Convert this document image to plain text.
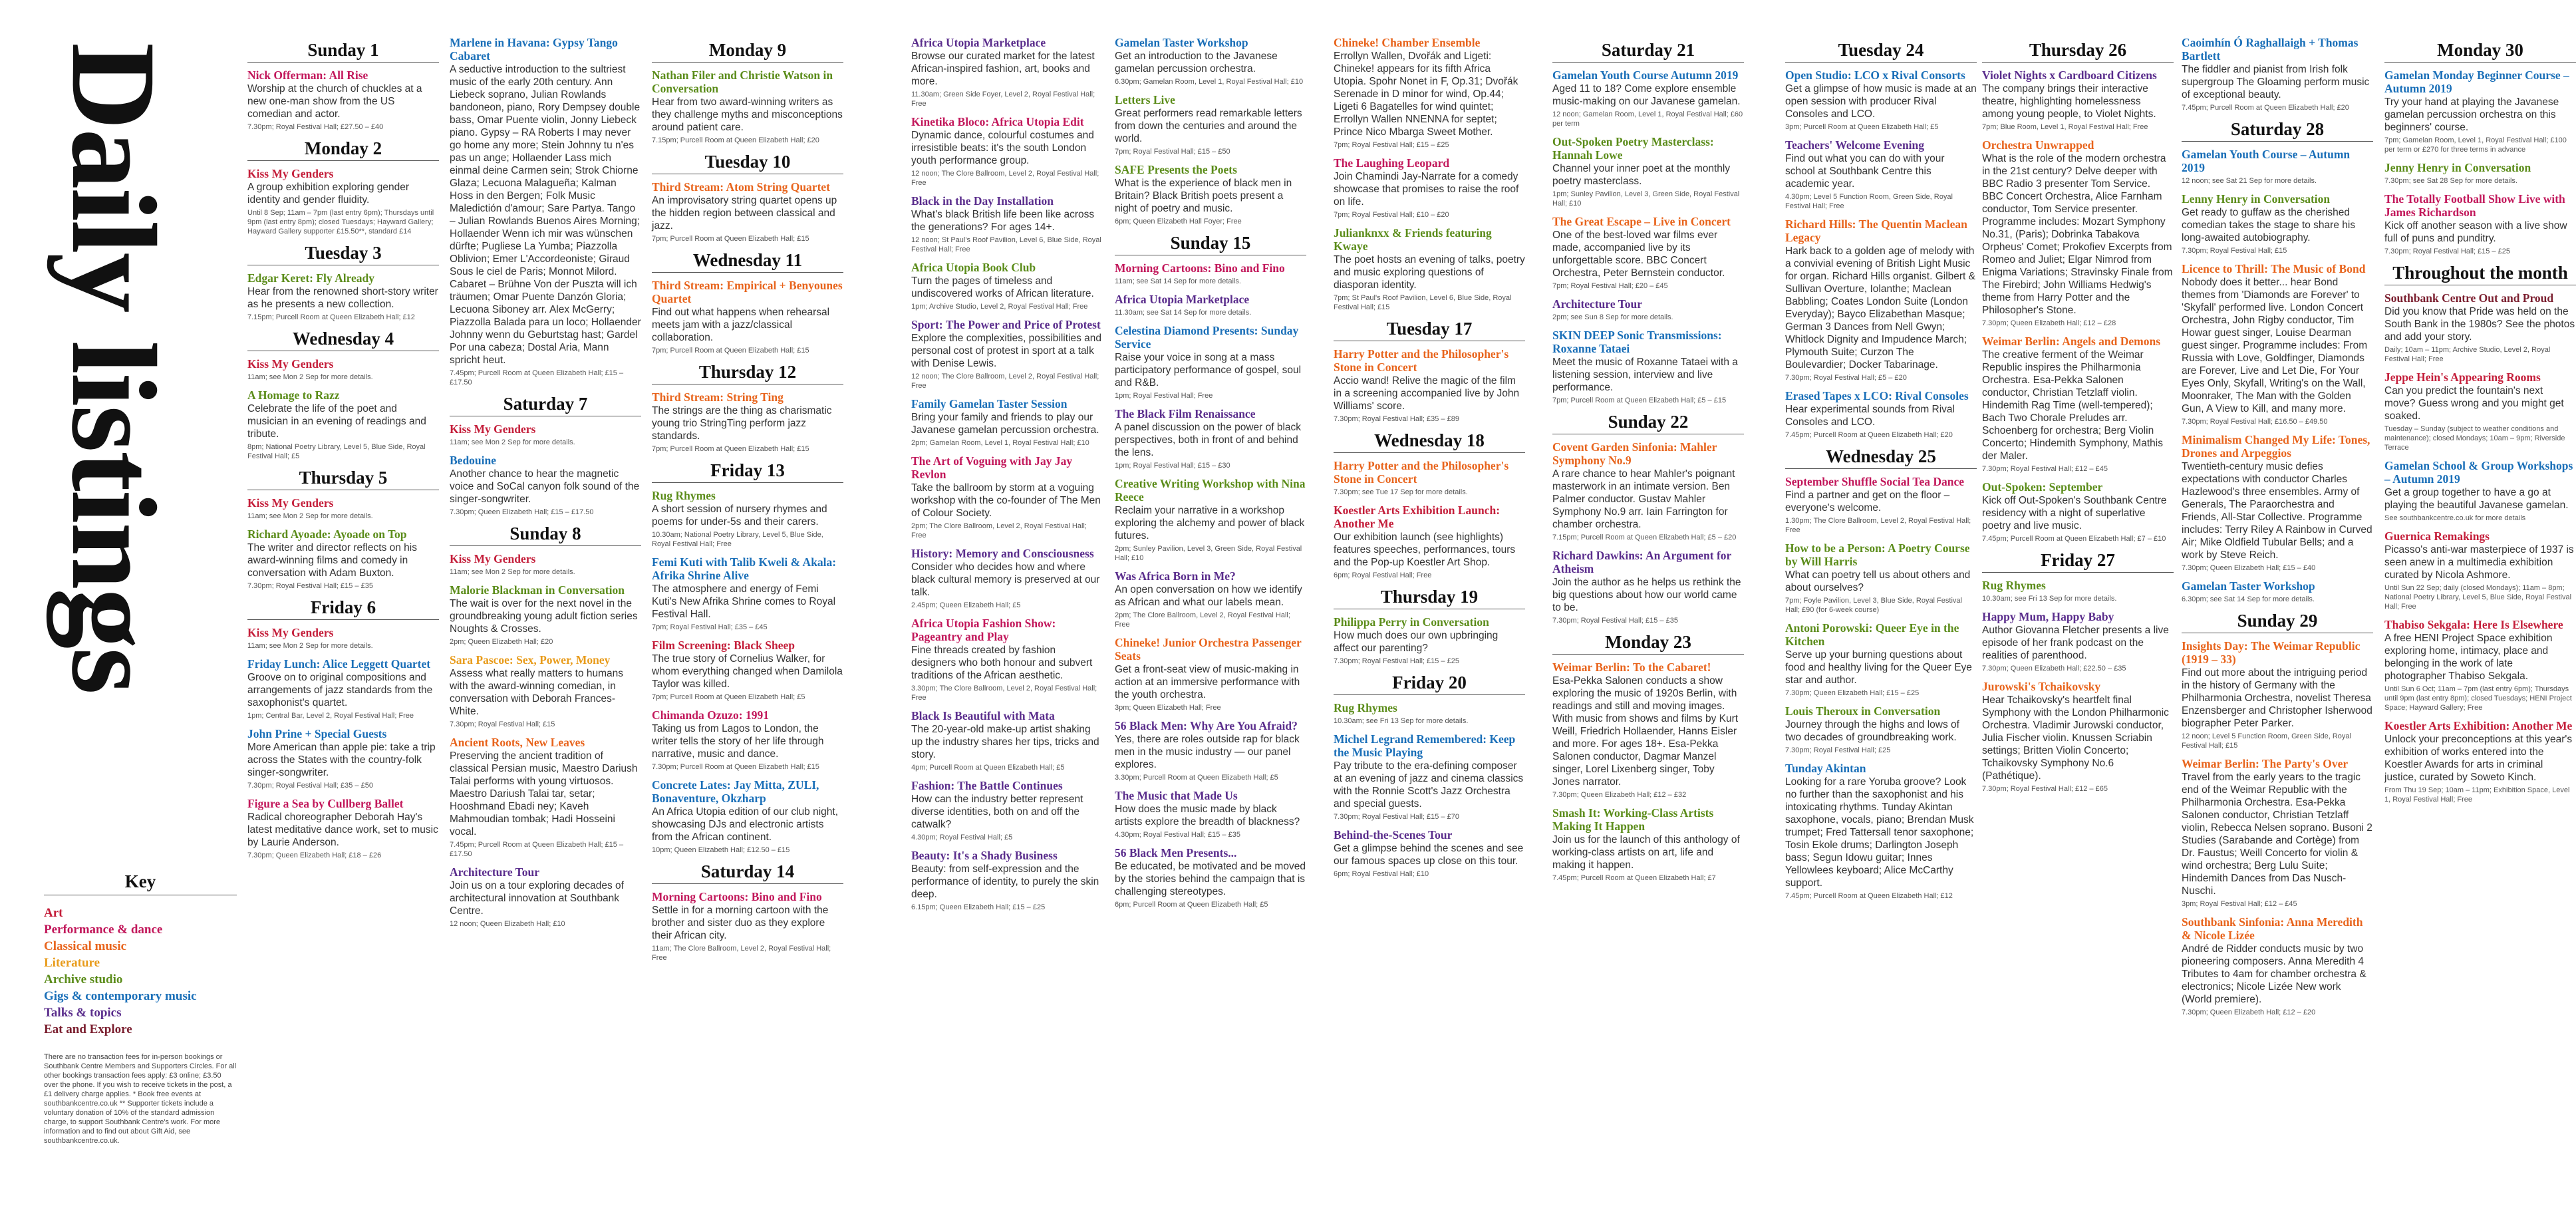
Daily listings
Key
Art
Performance & dance
Classical music
Literature
Archive studio
Gigs & contemporary music
Talks & topics
Eat and Explore
There are no transaction fees for in-person bookings or Southbank Centre Members and Supporters Circles. For all other bookings transaction fees apply: £3 online; £3.50 over the phone. If you wish to receive tickets in the post, a £1 delivery charge applies. * Book free events at southbankcentre.co.uk ** Supporter tickets include a voluntary donation of 10% of the standard admission charge, to support Southbank Centre's work. For more information and to find out about Gift Aid, see southbankcentre.co.uk.
Sunday 1
Nick Offerman: All Rise
Worship at the church of chuckles at a new one-man show from the US comedian and actor.
7.30pm; Royal Festival Hall; £27.50 – £40
Monday 2
Kiss My Genders
A group exhibition exploring gender identity and gender fluidity.
Until 8 Sep; 11am – 7pm (last entry 6pm); Thursdays until 9pm (last entry 8pm); closed Tuesdays; Hayward Gallery; Hayward Gallery supporter £15.50**, standard £14
Tuesday 3
Edgar Keret: Fly Already
Hear from the renowned short-story writer as he presents a new collection.
7.15pm; Purcell Room at Queen Elizabeth Hall; £12
Wednesday 4
Kiss My Genders
11am; see Mon 2 Sep for more details.
A Homage to Razz
Celebrate the life of the poet and musician in an evening of readings and tribute.
8pm; National Poetry Library, Level 5, Blue Side, Royal Festival Hall; £5
Thursday 5
Kiss My Genders
11am; see Mon 2 Sep for more details.
Richard Ayoade: Ayoade on Top
The writer and director reflects on his award-winning films and comedy in conversation with Adam Buxton.
7.30pm; Royal Festival Hall; £15 – £35
Friday 6
Kiss My Genders
11am; see Mon 2 Sep for more details.
Friday Lunch: Alice Leggett Quartet
Groove on to original compositions and arrangements of jazz standards from the saxophonist's quartet.
1pm; Central Bar, Level 2, Royal Festival Hall; Free
John Prine + Special Guests
More American than apple pie: take a trip across the States with the country-folk singer-songwriter.
7.30pm; Royal Festival Hall; £35 – £50
Figure a Sea by Cullberg Ballet
Radical choreographer Deborah Hay's latest meditative dance work, set to music by Laurie Anderson.
7.30pm; Queen Elizabeth Hall; £18 – £26
Marlene in Havana: Gypsy Tango Cabaret
A seductive introduction to the sultriest music of the early 20th century. Ann Liebeck soprano, Julian Rowlands bandoneon, piano, Rory Dempsey double bass, Omar Puente violin, Jonny Liebeck piano. Gypsy – RA Roberts I may never go home any more; Stein Johnny tu n'es pas un ange; Hollaender Lass mich einmal deine Carmen sein; Strok Chiorne Glaza; Lecuona Malagueña; Kalman Hoss in den Bergen; Folk Music Maledictión d'amour; Sare Partya. Tango – Julian Rowlands Buenos Aires Morning; Hollaender Wenn ich mir was wünschen dürfte; Pugliese La Yumba; Piazzolla Oblivion; Emer L'Accordeoniste; Giraud Sous le ciel de Paris; Monnot Milord. Cabaret – Brühne Von der Puszta will ich träumen; Omar Puente Danzón Gloria; Lecuona Siboney arr. Alex McGerry; Piazzolla Balada para un loco; Hollaender Johnny wenn du Geburtstag hast; Gardel Por una cabeza; Dostal Aria, Mann spricht heut.
7.45pm; Purcell Room at Queen Elizabeth Hall; £15 – £17.50
Saturday 7
Kiss My Genders
11am; see Mon 2 Sep for more details.
Bedouine
Another chance to hear the magnetic voice and SoCal canyon folk sound of the singer-songwriter.
7.30pm; Queen Elizabeth Hall; £15 – £17.50
Sunday 8
Kiss My Genders
11am; see Mon 2 Sep for more details.
Malorie Blackman in Conversation
The wait is over for the next novel in the groundbreaking young adult fiction series Noughts & Crosses.
2pm; Queen Elizabeth Hall; £20
Sara Pascoe: Sex, Power, Money
Assess what really matters to humans with the award-winning comedian, in conversation with Deborah Frances-White.
7.30pm; Royal Festival Hall; £15
Ancient Roots, New Leaves
Preserving the ancient tradition of classical Persian music, Maestro Dariush Talai performs with young virtuosos. Maestro Dariush Talai tar, setar; Hooshmand Ebadi ney; Kaveh Mahmoudian tombak; Hadi Hosseini vocal.
7.45pm; Purcell Room at Queen Elizabeth Hall; £15 – £17.50
Architecture Tour
Join us on a tour exploring decades of architectural innovation at Southbank Centre.
12 noon; Queen Elizabeth Hall; £10
Monday 9
Nathan Filer and Christie Watson in Conversation
Hear from two award-winning writers as they challenge myths and misconceptions around patient care.
7.15pm; Purcell Room at Queen Elizabeth Hall; £20
Tuesday 10
Third Stream: Atom String Quartet
An improvisatory string quartet opens up the hidden region between classical and jazz.
7pm; Purcell Room at Queen Elizabeth Hall; £15
Wednesday 11
Third Stream: Empirical + Benyounes Quartet
Find out what happens when rehearsal meets jam with a jazz/classical collaboration.
7pm; Purcell Room at Queen Elizabeth Hall; £15
Thursday 12
Third Stream: String Ting
The strings are the thing as charismatic young trio StringTing perform jazz standards.
7pm; Purcell Room at Queen Elizabeth Hall; £15
Friday 13
Rug Rhymes
A short session of nursery rhymes and poems for under-5s and their carers.
10.30am; National Poetry Library, Level 5, Blue Side, Royal Festival Hall; Free
Femi Kuti with Talib Kweli & Akala: Afrika Shrine Alive
The atmosphere and energy of Femi Kuti's New Afrika Shrine comes to Royal Festival Hall.
7pm; Royal Festival Hall; £35 – £45
Film Screening: Black Sheep
The true story of Cornelius Walker, for whom everything changed when Damilola Taylor was killed.
7pm; Purcell Room at Queen Elizabeth Hall; £5
Chimanda Ozuzo: 1991
Taking us from Lagos to London, the writer tells the story of her life through narrative, music and dance.
7.30pm; Purcell Room at Queen Elizabeth Hall; £15
Concrete Lates: Jay Mitta, ZULI, Bonaventure, Okzharp
An Africa Utopia edition of our club night, showcasing DJs and electronic artists from the African continent.
10pm; Queen Elizabeth Hall; £12.50 – £15
Saturday 14
Morning Cartoons: Bino and Fino
Settle in for a morning cartoon with the brother and sister duo as they explore their African city.
11am; The Clore Ballroom, Level 2, Royal Festival Hall; Free
Africa Utopia Marketplace
Browse our curated market for the latest African-inspired fashion, art, books and more.
11.30am; Green Side Foyer, Level 2, Royal Festival Hall; Free
Kinetika Bloco: Africa Utopia Edit
Dynamic dance, colourful costumes and irresistible beats: it's the south London youth performance group.
12 noon; The Clore Ballroom, Level 2, Royal Festival Hall; Free
Black in the Day Installation
What's black British life been like across the generations? For ages 14+.
12 noon; St Paul's Roof Pavilion, Level 6, Blue Side, Royal Festival Hall; Free
Africa Utopia Book Club
Turn the pages of timeless and undiscovered works of African literature.
1pm; Archive Studio, Level 2, Royal Festival Hall; Free
Sport: The Power and Price of Protest
Explore the complexities, possibilities and personal cost of protest in sport at a talk with Denise Lewis.
12 noon; The Clore Ballroom, Level 2, Royal Festival Hall; Free
Family Gamelan Taster Session
Bring your family and friends to play our Javanese gamelan percussion orchestra.
2pm; Gamelan Room, Level 1, Royal Festival Hall; £10
The Art of Voguing with Jay Jay Revlon
Take the ballroom by storm at a voguing workshop with the co-founder of The Men of Colour Society.
2pm; The Clore Ballroom, Level 2, Royal Festival Hall; Free
History: Memory and Consciousness
Consider who decides how and where black cultural memory is preserved at our talk.
2.45pm; Queen Elizabeth Hall; £5
Africa Utopia Fashion Show: Pageantry and Play
Fine threads created by fashion designers who both honour and subvert traditions of the African aesthetic.
3.30pm; The Clore Ballroom, Level 2, Royal Festival Hall; Free
Black Is Beautiful with Mata
The 20-year-old make-up artist shaking up the industry shares her tips, tricks and story.
4pm; Purcell Room at Queen Elizabeth Hall; £5
Fashion: The Battle Continues
How can the industry better represent diverse identities, both on and off the catwalk?
4.30pm; Royal Festival Hall; £5
Beauty: It's a Shady Business
Beauty: from self-expression and the performance of identity, to purely the skin deep.
6.15pm; Queen Elizabeth Hall; £15 – £25
Gamelan Taster Workshop
Get an introduction to the Javanese gamelan percussion orchestra.
6.30pm; Gamelan Room, Level 1, Royal Festival Hall; £10
Letters Live
Great performers read remarkable letters from down the centuries and around the world.
7pm; Royal Festival Hall; £15 – £50
SAFE Presents the Poets
What is the experience of black men in Britain? Black British poets present a night of poetry and music.
6pm; Queen Elizabeth Hall Foyer; Free
Sunday 15
Morning Cartoons: Bino and Fino
11am; see Sat 14 Sep for more details.
Africa Utopia Marketplace
11.30am; see Sat 14 Sep for more details.
Celestina Diamond Presents: Sunday Service
Raise your voice in song at a mass participatory performance of gospel, soul and R&B.
1pm; Royal Festival Hall; Free
The Black Film Renaissance
A panel discussion on the power of black perspectives, both in front of and behind the lens.
1pm; Royal Festival Hall; £15 – £30
Creative Writing Workshop with Nina Reece
Reclaim your narrative in a workshop exploring the alchemy and power of black futures.
2pm; Sunley Pavilion, Level 3, Green Side, Royal Festival Hall; £10
Was Africa Born in Me?
An open conversation on how we identify as African and what our labels mean.
2pm; The Clore Ballroom, Level 2, Royal Festival Hall; Free
Chineke! Junior Orchestra Passenger Seats
Get a front-seat view of music-making in action at an immersive performance with the youth orchestra.
3pm; Queen Elizabeth Hall; Free
56 Black Men: Why Are You Afraid?
Yes, there are roles outside rap for black men in the music industry — our panel explores.
3.30pm; Purcell Room at Queen Elizabeth Hall; £5
The Music that Made Us
How does the music made by black artists explore the breadth of blackness?
4.30pm; Royal Festival Hall; £15 – £35
56 Black Men Presents...
Be educated, be motivated and be moved by the stories behind the campaign that is challenging stereotypes.
6pm; Purcell Room at Queen Elizabeth Hall; £5
Chineke! Chamber Ensemble
Errollyn Wallen, Dvořák and Ligeti: Chineke! appears for its fifth Africa Utopia. Spohr Nonet in F, Op.31; Dvořák Serenade in D minor for wind, Op.44; Ligeti 6 Bagatelles for wind quintet; Errollyn Wallen NNENNA for septet; Prince Nico Mbarga Sweet Mother.
7pm; Royal Festival Hall; £15 – £25
The Laughing Leopard
Join Chamindi Jay-Narrate for a comedy showcase that promises to raise the roof on life.
7pm; Royal Festival Hall; £10 – £20
Julianknxx & Friends featuring Kwaye
The poet hosts an evening of talks, poetry and music exploring questions of diasporan identity.
7pm; St Paul's Roof Pavilion, Level 6, Blue Side, Royal Festival Hall; £15
Tuesday 17
Harry Potter and the Philosopher's Stone in Concert
Accio wand! Relive the magic of the film in a screening accompanied live by John Williams' score.
7.30pm; Royal Festival Hall; £35 – £89
Wednesday 18
Harry Potter and the Philosopher's Stone in Concert
7.30pm; see Tue 17 Sep for more details.
Koestler Arts Exhibition Launch: Another Me
Our exhibition launch (see highlights) features speeches, performances, tours and the Pop-up Koestler Art Shop.
6pm; Royal Festival Hall; Free
Thursday 19
Philippa Perry in Conversation
How much does our own upbringing affect our parenting?
7.30pm; Royal Festival Hall; £15 – £25
Friday 20
Rug Rhymes
10.30am; see Fri 13 Sep for more details.
Michel Legrand Remembered: Keep the Music Playing
Pay tribute to the era-defining composer at an evening of jazz and cinema classics with the Ronnie Scott's Jazz Orchestra and special guests.
7.30pm; Royal Festival Hall; £15 – £70
Behind-the-Scenes Tour
Get a glimpse behind the scenes and see our famous spaces up close on this tour.
6pm; Royal Festival Hall; £10
Saturday 21
Gamelan Youth Course Autumn 2019
Aged 11 to 18? Come explore ensemble music-making on our Javanese gamelan.
12 noon; Gamelan Room, Level 1, Royal Festival Hall; £60 per term
Out-Spoken Poetry Masterclass: Hannah Lowe
Channel your inner poet at the monthly poetry masterclass.
1pm; Sunley Pavilion, Level 3, Green Side, Royal Festival Hall; £10
The Great Escape – Live in Concert
One of the best-loved war films ever made, accompanied live by its unforgettable score. BBC Concert Orchestra, Peter Bernstein conductor.
7pm; Royal Festival Hall; £20 – £45
Architecture Tour
2pm; see Sun 8 Sep for more details.
SKIN DEEP Sonic Transmissions: Roxanne Tataei
Meet the music of Roxanne Tataei with a listening session, interview and live performance.
7pm; Purcell Room at Queen Elizabeth Hall; £5 – £15
Sunday 22
Covent Garden Sinfonia: Mahler Symphony No.9
A rare chance to hear Mahler's poignant masterwork in an intimate version. Ben Palmer conductor. Gustav Mahler Symphony No.9 arr. Iain Farrington for chamber orchestra.
7.15pm; Purcell Room at Queen Elizabeth Hall; £5 – £20
Richard Dawkins: An Argument for Atheism
Join the author as he helps us rethink the big questions about how our world came to be.
7.30pm; Royal Festival Hall; £15 – £35
Monday 23
Weimar Berlin: To the Cabaret!
Esa-Pekka Salonen conducts a show exploring the music of 1920s Berlin, with readings and still and moving images. With music from shows and films by Kurt Weill, Friedrich Hollaender, Hanns Eisler and more. For ages 18+. Esa-Pekka Salonen conductor, Dagmar Manzel singer, Lorel Lixenberg singer, Toby Jones narrator.
7.30pm; Queen Elizabeth Hall; £12 – £32
Smash It: Working-Class Artists Making It Happen
Join us for the launch of this anthology of working-class artists on art, life and making it happen.
7.45pm; Purcell Room at Queen Elizabeth Hall; £7
Tuesday 24
Open Studio: LCO x Rival Consorts
Get a glimpse of how music is made at an open session with producer Rival Consoles and LCO.
3pm; Purcell Room at Queen Elizabeth Hall; £5
Teachers' Welcome Evening
Find out what you can do with your school at Southbank Centre this academic year.
4.30pm; Level 5 Function Room, Green Side, Royal Festival Hall; Free
Richard Hills: The Quentin Maclean Legacy
Hark back to a golden age of melody with a convivial evening of British Light Music for organ. Richard Hills organist. Gilbert & Sullivan Overture, Iolanthe; Maclean Babbling; Coates London Suite (London Everyday); Bayco Elizabethan Masque; German 3 Dances from Nell Gwyn; Whitlock Dignity and Impudence March; Plymouth Suite; Curzon The Boulevardier; Docker Tabarinage.
7.30pm; Royal Festival Hall; £5 – £20
Erased Tapes x LCO: Rival Consoles
Hear experimental sounds from Rival Consoles and LCO.
7.45pm; Purcell Room at Queen Elizabeth Hall; £20
Wednesday 25
September Shuffle Social Tea Dance
Find a partner and get on the floor – everyone's welcome.
1.30pm; The Clore Ballroom, Level 2, Royal Festival Hall; Free
How to be a Person: A Poetry Course by Will Harris
What can poetry tell us about others and about ourselves?
7pm; Foyle Pavilion, Level 3, Blue Side, Royal Festival Hall; £90 (for 6-week course)
Antoni Porowski: Queer Eye in the Kitchen
Serve up your burning questions about food and healthy living for the Queer Eye star and author.
7.30pm; Queen Elizabeth Hall; £15 – £25
Louis Theroux in Conversation
Journey through the highs and lows of two decades of groundbreaking work.
7.30pm; Royal Festival Hall; £25
Tunday Akintan
Looking for a rare Yoruba groove? Look no further than the saxophonist and his intoxicating rhythms. Tunday Akintan saxophone, vocals, piano; Brendan Musk trumpet; Fred Tattersall tenor saxophone; Tosin Ekole drums; Darlington Joseph bass; Segun Idowu guitar; Innes Yellowlees keyboard; Alice McCarthy support.
7.45pm; Purcell Room at Queen Elizabeth Hall; £12
Thursday 26
Violet Nights x Cardboard Citizens
The company brings their interactive theatre, highlighting homelessness among young people, to Violet Nights.
7pm; Blue Room, Level 1, Royal Festival Hall; Free
Orchestra Unwrapped
What is the role of the modern orchestra in the 21st century? Delve deeper with BBC Radio 3 presenter Tom Service. BBC Concert Orchestra, Alice Farnham conductor, Tom Service presenter. Programme includes: Mozart Symphony No.31, (Paris); Dobrinka Tabakova Orpheus' Comet; Prokofiev Excerpts from Romeo and Juliet; Elgar Nimrod from Enigma Variations; Stravinsky Finale from The Firebird; John Williams Hedwig's theme from Harry Potter and the Philosopher's Stone.
7.30pm; Queen Elizabeth Hall; £12 – £28
Weimar Berlin: Angels and Demons
The creative ferment of the Weimar Republic inspires the Philharmonia Orchestra. Esa-Pekka Salonen conductor, Christian Tetzlaff violin. Hindemith Rag Time (well-tempered); Bach Two Chorale Preludes arr. Schoenberg for orchestra; Berg Violin Concerto; Hindemith Symphony, Mathis der Maler.
7.30pm; Royal Festival Hall; £12 – £45
Out-Spoken: September
Kick off Out-Spoken's Southbank Centre residency with a night of superlative poetry and live music.
7.45pm; Purcell Room at Queen Elizabeth Hall; £7 – £10
Friday 27
Rug Rhymes
10.30am; see Fri 13 Sep for more details.
Happy Mum, Happy Baby
Author Giovanna Fletcher presents a live episode of her frank podcast on the realities of parenthood.
7.30pm; Queen Elizabeth Hall; £22.50 – £35
Jurowski's Tchaikovsky
Hear Tchaikovsky's heartfelt final Symphony with the London Philharmonic Orchestra. Vladimir Jurowski conductor, Julia Fischer violin. Knussen Scriabin settings; Britten Violin Concerto; Tchaikovsky Symphony No.6 (Pathétique).
7.30pm; Royal Festival Hall; £12 – £65
Caoimhín Ó Raghallaigh + Thomas Bartlett
The fiddler and pianist from Irish folk supergroup The Gloaming perform music of exceptional beauty.
7.45pm; Purcell Room at Queen Elizabeth Hall; £20
Saturday 28
Gamelan Youth Course – Autumn 2019
12 noon; see Sat 21 Sep for more details.
Lenny Henry in Conversation
Get ready to guffaw as the cherished comedian takes the stage to share his long-awaited autobiography.
7.30pm; Royal Festival Hall; £15
Licence to Thrill: The Music of Bond
Nobody does it better... hear Bond themes from 'Diamonds are Forever' to 'Skyfall' performed live. London Concert Orchestra, John Rigby conductor, Tim Howar guest singer, Louise Dearman guest singer. Programme includes: From Russia with Love, Goldfinger, Diamonds are Forever, Live and Let Die, For Your Eyes Only, Skyfall, Writing's on the Wall, Moonraker, The Man with the Golden Gun, A View to Kill, and many more.
7.30pm; Royal Festival Hall; £16.50 – £49.50
Minimalism Changed My Life: Tones, Drones and Arpeggios
Twentieth-century music defies expectations with conductor Charles Hazlewood's three ensembles. Army of Generals, The Paraorchestra and Friends, All-Star Collective. Programme includes: Terry Riley A Rainbow in Curved Air; Mike Oldfield Tubular Bells; and a work by Steve Reich.
7.30pm; Queen Elizabeth Hall; £15 – £40
Gamelan Taster Workshop
6.30pm; see Sat 14 Sep for more details.
Sunday 29
Insights Day: The Weimar Republic (1919 – 33)
Find out more about the intriguing period in the history of Germany with the Philharmonia Orchestra, novelist Theresa Enzensberger and Christopher Isherwood biographer Peter Parker.
12 noon; Level 5 Function Room, Green Side, Royal Festival Hall; £15
Weimar Berlin: The Party's Over
Travel from the early years to the tragic end of the Weimar Republic with the Philharmonia Orchestra. Esa-Pekka Salonen conductor, Christian Tetzlaff violin, Rebecca Nelsen soprano. Busoni 2 Studies (Sarabande and Cortège) from Dr. Faustus; Weill Concerto for violin & wind orchestra; Berg Lulu Suite; Hindemith Dances from Das Nusch-Nuschi.
3pm; Royal Festival Hall; £12 – £45
Southbank Sinfonia: Anna Meredith & Nicole Lizée
André de Ridder conducts music by two pioneering composers. Anna Meredith 4 Tributes to 4am for chamber orchestra & electronics; Nicole Lizée New work (World premiere).
7.30pm; Queen Elizabeth Hall; £12 – £20
Monday 30
Gamelan Monday Beginner Course – Autumn 2019
Try your hand at playing the Javanese gamelan percussion orchestra on this beginners' course.
7pm; Gamelan Room, Level 1, Royal Festival Hall; £100 per term or £270 for three terms in advance
Jenny Henry in Conversation
7.30pm; see Sat 28 Sep for more details.
The Totally Football Show Live with James Richardson
Kick off another season with a live show full of puns and punditry.
7.30pm; Royal Festival Hall; £15 – £25
Throughout the month
Southbank Centre Out and Proud
Did you know that Pride was held on the South Bank in the 1980s? See the photos and add your story.
Daily; 10am – 11pm; Archive Studio, Level 2, Royal Festival Hall; Free
Jeppe Hein's Appearing Rooms
Can you predict the fountain's next move? Guess wrong and you might get soaked.
Tuesday – Sunday (subject to weather conditions and maintenance); closed Mondays; 10am – 9pm; Riverside Terrace
Gamelan School & Group Workshops – Autumn 2019
Get a group together to have a go at playing the beautiful Javanese gamelan.
See southbankcentre.co.uk for more details
Guernica Remakings
Picasso's anti-war masterpiece of 1937 is seen anew in a multimedia exhibition curated by Nicola Ashmore.
Until Sun 22 Sep; daily (closed Mondays); 11am – 8pm; National Poetry Library, Level 5, Blue Side, Royal Festival Hall; Free
Thabiso Sekgala: Here Is Elsewhere
A free HENI Project Space exhibition exploring home, intimacy, place and belonging in the work of late photographer Thabiso Sekgala.
Until Sun 6 Oct; 11am – 7pm (last entry 6pm); Thursdays until 9pm (last entry 8pm); closed Tuesdays; HENI Project Space; Hayward Gallery; Free
Koestler Arts Exhibition: Another Me
Unlock your preconceptions at this year's exhibition of works entered into the Koestler Awards for arts in criminal justice, curated by Soweto Kinch.
From Thu 19 Sep; 10am – 11pm; Exhibition Space, Level 1, Royal Festival Hall; Free
